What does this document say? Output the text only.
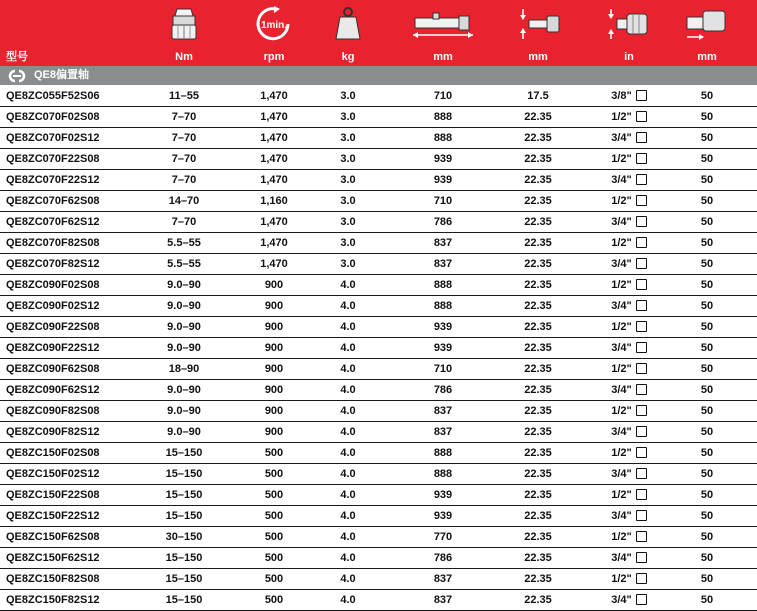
1min.
型号	Nm	rpm	kg	mm	mm	in	mm
QE8偏置轴
QE8ZC055F52S06	11–55	1,470	3.0	710	17.5	3/8"	50
QE8ZC070F02S08	7–70	1,470	3.0	888	22.35	1/2"	50
QE8ZC070F02S12	7–70	1,470	3.0	888	22.35	3/4"	50
QE8ZC070F22S08	7–70	1,470	3.0	939	22.35	1/2"	50
QE8ZC070F22S12	7–70	1,470	3.0	939	22.35	3/4"	50
QE8ZC070F62S08	14–70	1,160	3.0	710	22.35	1/2"	50
QE8ZC070F62S12	7–70	1,470	3.0	786	22.35	3/4"	50
QE8ZC070F82S08	5.5–55	1,470	3.0	837	22.35	1/2"	50
QE8ZC070F82S12	5.5–55	1,470	3.0	837	22.35	3/4"	50
QE8ZC090F02S08	9.0–90	900	4.0	888	22.35	1/2"	50
QE8ZC090F02S12	9.0–90	900	4.0	888	22.35	3/4"	50
QE8ZC090F22S08	9.0–90	900	4.0	939	22.35	1/2"	50
QE8ZC090F22S12	9.0–90	900	4.0	939	22.35	3/4"	50
QE8ZC090F62S08	18–90	900	4.0	710	22.35	1/2"	50
QE8ZC090F62S12	9.0–90	900	4.0	786	22.35	3/4"	50
QE8ZC090F82S08	9.0–90	900	4.0	837	22.35	1/2"	50
QE8ZC090F82S12	9.0–90	900	4.0	837	22.35	3/4"	50
QE8ZC150F02S08	15–150	500	4.0	888	22.35	1/2"	50
QE8ZC150F02S12	15–150	500	4.0	888	22.35	3/4"	50
QE8ZC150F22S08	15–150	500	4.0	939	22.35	1/2"	50
QE8ZC150F22S12	15–150	500	4.0	939	22.35	3/4"	50
QE8ZC150F62S08	30–150	500	4.0	770	22.35	1/2"	50
QE8ZC150F62S12	15–150	500	4.0	786	22.35	3/4"	50
QE8ZC150F82S08	15–150	500	4.0	837	22.35	1/2"	50
QE8ZC150F82S12	15–150	500	4.0	837	22.35	3/4"	50
